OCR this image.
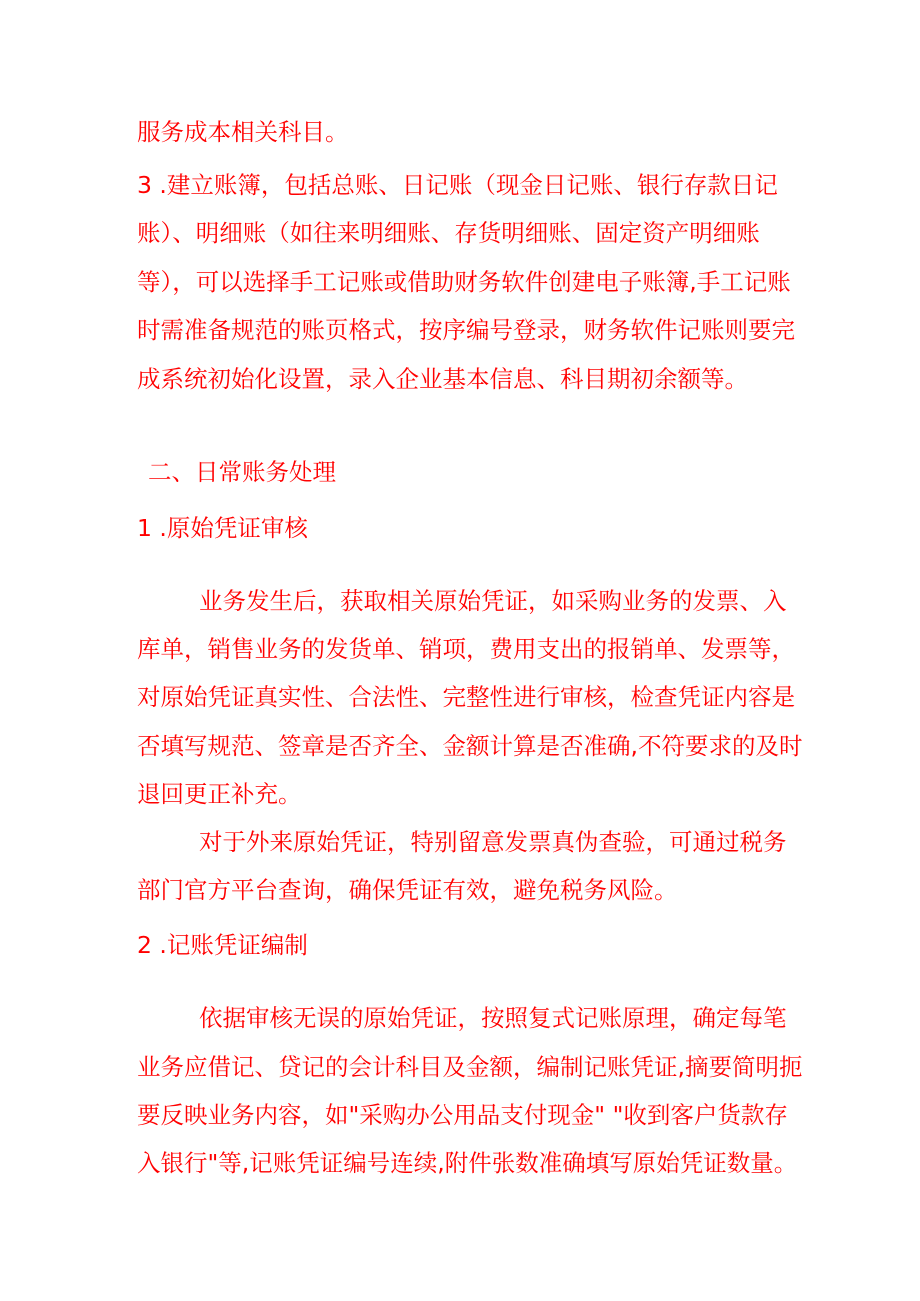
服务成本相关科目。
3 .建立账簿，包括总账、日记账（现金日记账、银行存款日记
账）、明细账（如往来明细账、存货明细账、固定资产明细账
等），可以选择手工记账或借助财务软件创建电子账簿,手工记账
时需准备规范的账页格式，按序编号登录，财务软件记账则要完
成系统初始化设置，录入企业基本信息、科目期初余额等。
二、日常账务处理
1 .原始凭证审核
业务发生后，获取相关原始凭证，如采购业务的发票、入
库单，销售业务的发货单、销项，费用支出的报销单、发票等，
对原始凭证真实性、合法性、完整性进行审核，检查凭证内容是
否填写规范、签章是否齐全、金额计算是否准确,不符要求的及时
退回更正补充。
对于外来原始凭证，特别留意发票真伪查验，可通过税务
部门官方平台查询，确保凭证有效，避免税务风险。
2 .记账凭证编制
依据审核无误的原始凭证，按照复式记账原理，确定每笔
业务应借记、贷记的会计科目及金额，编制记账凭证,摘要简明扼
要反映业务内容，如"采购办公用品支付现金" "收到客户货款存
入银行"等,记账凭证编号连续,附件张数准确填写原始凭证数量。
